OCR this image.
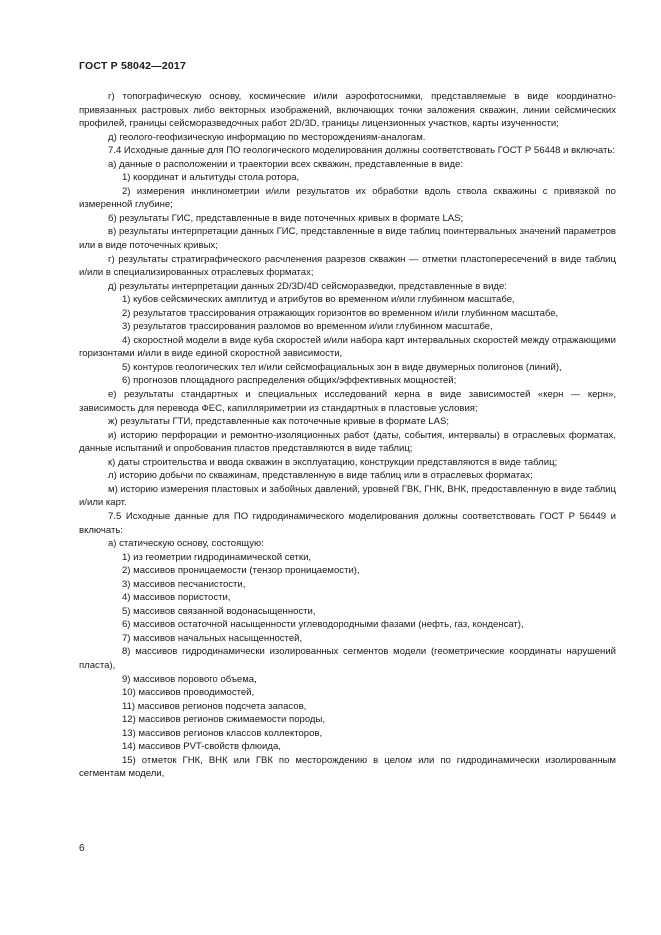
ГОСТ Р 58042—2017

г) топографическую основу, космические и/или аэрофотоснимки, представляемые в виде координатно-привязанных растровых либо векторных изображений, включающих точки заложения скважин, линии сейсмических профилей, границы сейсморазведочных работ 2D/3D, границы лицензионных участков, карты изученности;

д) геолого-геофизическую информацию по месторождениям-аналогам.

7.4 Исходные данные для ПО геологического моделирования должны соответствовать ГОСТ Р 56448 и включать:

а) данные о расположении и траектории всех скважин, представленные в виде:

1) координат и альтитуды стола ротора,

2) измерения инклинометрии и/или результатов их обработки вдоль ствола скважины с привязкой по измеренной глубине;

б) результаты ГИС, представленные в виде поточечных кривых в формате LAS;

в) результаты интерпретации данных ГИС, представленные в виде таблиц поинтервальных значений параметров или в виде поточечных кривых;

г) результаты стратиграфического расчленения разрезов скважин — отметки пластопересечений в виде таблиц и/или в специализированных отраслевых форматах;

д) результаты интерпретации данных 2D/3D/4D сейсморазведки, представленные в виде:

1) кубов сейсмических амплитуд и атрибутов во временном и/или глубинном масштабе,

2) результатов трассирования отражающих горизонтов во временном и/или глубинном масштабе,

3) результатов трассирования разломов во временном и/или глубинном масштабе,

4) скоростной модели в виде куба скоростей и/или набора карт интервальных скоростей между отражающими горизонтами и/или в виде единой скоростной зависимости,

5) контуров геологических тел и/или сейсмофациальных зон в виде двумерных полигонов (линий),

6) прогнозов площадного распределения общих/эффективных мощностей;

е) результаты стандартных и специальных исследований керна в виде зависимостей «керн — керн», зависимость для перевода ФЕС, капилляриметрии из стандартных в пластовые условия;

ж) результаты ГТИ, представленные как поточечные кривые в формате LAS;

и) историю перфорации и ремонтно-изоляционных работ (даты, события, интервалы) в отраслевых форматах, данные испытаний и опробования пластов представляются в виде таблиц;

к) даты строительства и ввода скважин в эксплуатацию, конструкции представляются в виде таблиц;

л) историю добычи по скважинам, представленную в виде таблиц или в отраслевых форматах;

м) историю измерения пластовых и забойных давлений, уровней ГВК, ГНК, ВНК, предоставленную в виде таблиц и/или карт.

7.5 Исходные данные для ПО гидродинамического моделирования должны соответствовать ГОСТ Р 56449 и включать:

а) статическую основу, состоящую:

1) из геометрии гидродинамической сетки,

2) массивов проницаемости (тензор проницаемости),

3) массивов песчанистости,

4) массивов пористости,

5) массивов связанной водонасыщенности,

6) массивов остаточной насыщенности углеводородными фазами (нефть, газ, конденсат),

7) массивов начальных насыщенностей,

8) массивов гидродинамически изолированных сегментов модели (геометрические координаты нарушений пласта),

9) массивов порового объема,

10) массивов проводимостей,

11) массивов регионов подсчета запасов,

12) массивов регионов сжимаемости породы,

13) массивов регионов классов коллекторов,

14) массивов PVT-свойств флюида,

15) отметок ГНК, ВНК или ГВК по месторождению в целом или по гидродинамически изолированным сегментам модели,

6
